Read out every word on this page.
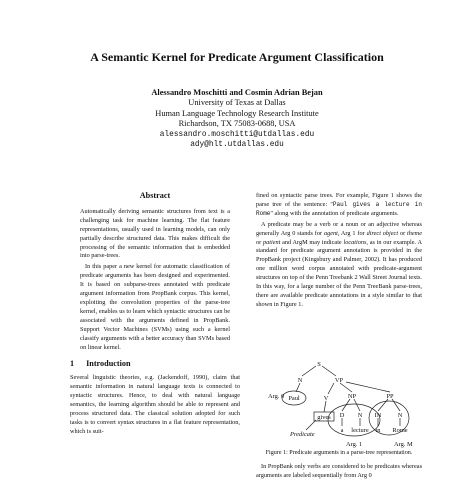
A Semantic Kernel for Predicate Argument Classification
Alessandro Moschitti and Cosmin Adrian Bejan
University of Texas at Dallas
Human Language Technology Research Institute
Richardson, TX 75083-0688, USA
alessandro.moschitti@utdallas.edu
ady@hlt.utdallas.edu
Abstract

Automatically deriving semantic structures from text is a challenging task for machine learning. The flat feature representations, usually used in learning models, can only partially describe structured data. This makes difficult the processing of the semantic information that is embedded into parse-trees.

In this paper a new kernel for automatic classification of predicate arguments has been designed and experimented. It is based on subparse-trees annotated with predicate argument information from PropBank corpus. This kernel, exploiting the convolution properties of the parse-tree kernel, enables us to learn which syntactic structures can be associated with the arguments defined in PropBank. Support Vector Machines (SVMs) using such a kernel classify arguments with a better accuracy than SVMs based on linear kernel.

1 Introduction

Several linguistic theories, e.g. (Jackendoff, 1990), claim that semantic information in natural language texts is connected to syntactic structures. Hence, to deal with natural language semantics, the learning algorithm should be able to represent and process structured data. The classical solution adopted for such tasks is to convert syntax structures in a flat feature representation, which is suit-

fined on syntactic parse trees. For example, Figure 1 shows the parse tree of the sentence: "Paul gives a lecture in Rome" along with the annotation of predicate arguments.

A predicate may be a verb or a noun or an adjective whereas generally Arg 0 stands for agent, Arg 1 for direct object or theme or patient and ArgM may indicate locations, as in our example. A standard for predicate argument annotation is provided in the PropBank project (Kingsbury and Palmer, 2002). It has produced one million word corpus annotated with predicate-argument structures on top of the Penn Treebank 2 Wall Street Journal texts. In this way, for a large number of the Penn TreeBank parse-trees, there are available predicate annotations in a style similar to that shown in Figure 1.

S
N	VP
Paul	V	NP	PP
gives D N IN	N
a lecture in Rome
Arg. 0
Arg. 1	Arg. M
Predicate
Figure 1: Predicate arguments in a parse-tree representation.
In PropBank only verbs are considered to be predicates whereas arguments are labeled sequentially from Arg 0
